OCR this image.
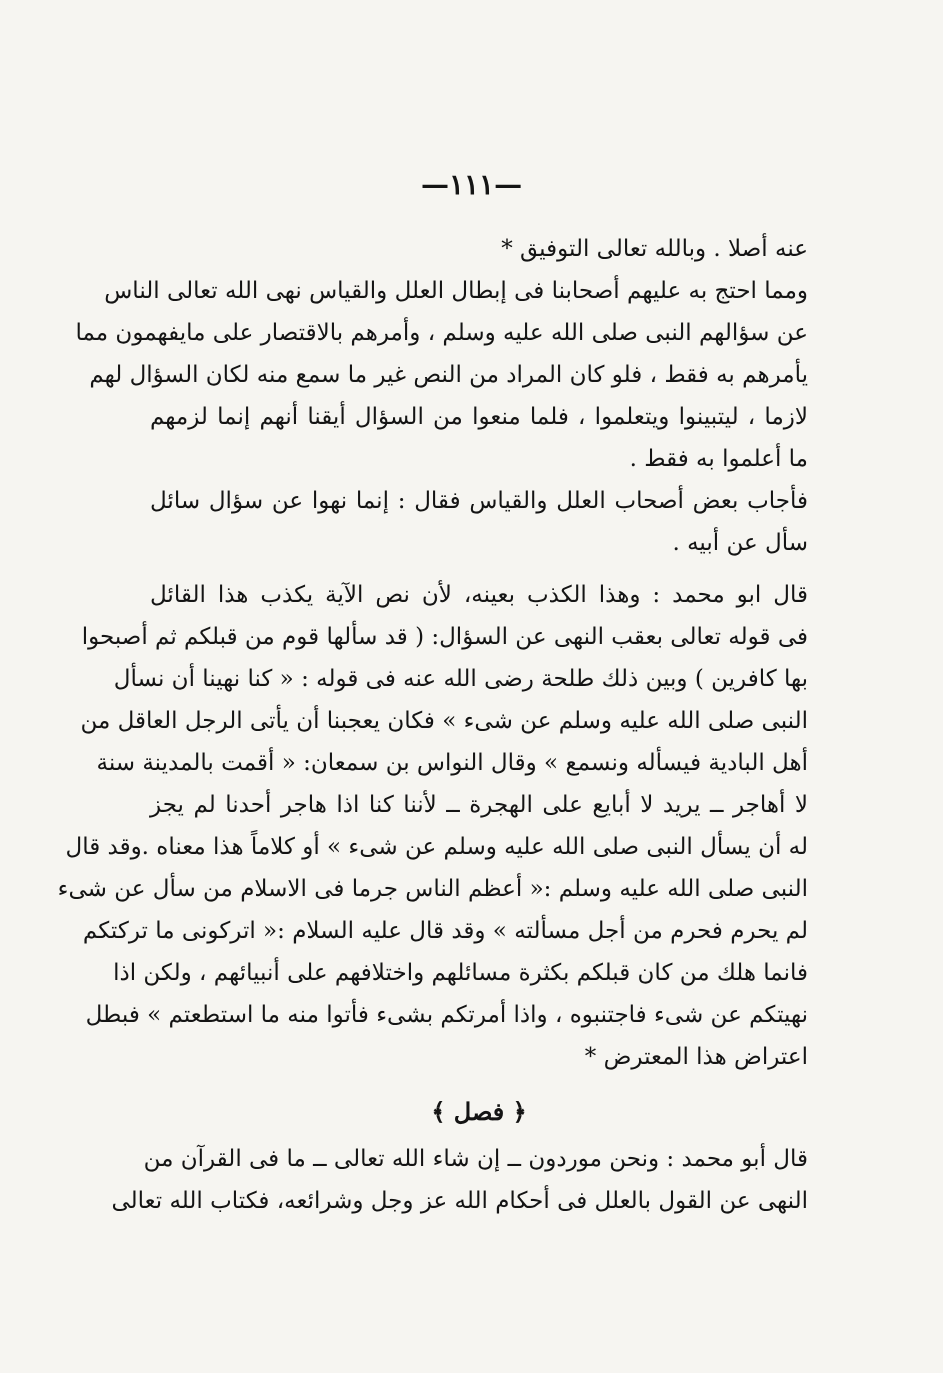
—١١١—
عنه أصلا . وبالله تعالى التوفيق *
ومما احتج به عليهم أصحابنا فى إبطال العلل والقياس نهى الله تعالى الناس
عن سؤالهم النبى صلى الله عليه وسلم ، وأمرهم بالاقتصار على مايفهمون مما
يأمرهم به فقط ، فلو كان المراد من النص غير ما سمع منه لكان السؤال لهم
لازما ، ليتبينوا ويتعلموا ، فلما منعوا من السؤال أيقنا أنهم إنما لزمهم
ما أعلموا به فقط .
فأجاب بعض أصحاب العلل والقياس فقال : إنما نهوا عن سؤال سائل
سأل عن أبيه .
قال ابو محمد : وهذا الكذب بعينه، لأن نص الآية يكذب هذا القائل
فى قوله تعالى بعقب النهى عن السؤال: ( قد سألها قوم من قبلكم ثم أصبحوا
بها كافرين ) وبين ذلك طلحة رضى الله عنه فى قوله : « كنا نهينا أن نسأل
النبى صلى الله عليه وسلم عن شىء » فكان يعجبنا أن يأتى الرجل العاقل من
أهل البادية فيسأله ونسمع » وقال النواس بن سمعان: « أقمت بالمدينة سنة
لا أهاجر ــ يريد لا أبايع على الهجرة ــ لأننا كنا اذا هاجر أحدنا لم يجز
له أن يسأل النبى صلى الله عليه وسلم عن شىء » أو كلاماً هذا معناه .وقد قال
النبى صلى الله عليه وسلم :« أعظم الناس جرما فى الاسلام من سأل عن شىء
لم يحرم فحرم من أجل مسألته » وقد قال عليه السلام :« اتركونى ما تركتكم
فانما هلك من كان قبلكم بكثرة مسائلهم واختلافهم على أنبيائهم ، ولكن اذا
نهيتكم عن شىء فاجتنبوه ، واذا أمرتكم بشىء فأتوا منه ما استطعتم » فبطل
اعتراض هذا المعترض *
﴿ فصل ﴾
قال أبو محمد : ونحن موردون ــ إن شاء الله تعالى ــ ما فى القرآن من
النهى عن القول بالعلل فى أحكام الله عز وجل وشرائعه، فكتاب الله تعالى
